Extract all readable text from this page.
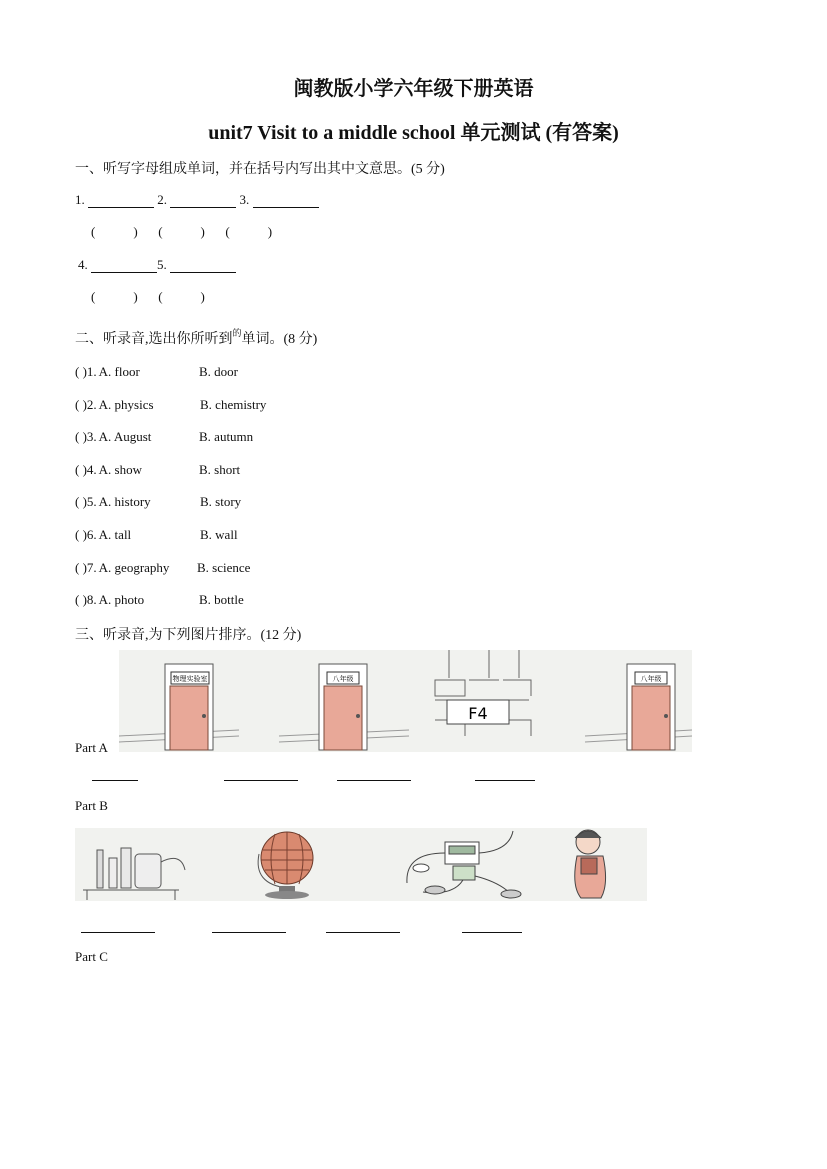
闽教版小学六年级下册英语
unit7 Visit to a middle school 单元测试 (有答案)
一、听写字母组成单词，并在括号内写出其中文意思。(5 分)
1.	2.	3.
(	) (	) (	)
4.	5.
(	) (	)
二、听录音,选出你所听到$^的$单词。(8 分)
( )1. A. floor	B. door
( )2. A. physics	B. chemistry
( )3. A. August	B. autumn
( )4. A. show	B. short
( )5. A. history	B. story
( )6. A. tall	B. wall
( )7. A. geography B. science
( )8. A. photo	B. bottle
三、听录音,为下列图片排序。(12 分)
物理实验室	八年级
F4
八年级
Part A
Part B
Part C
